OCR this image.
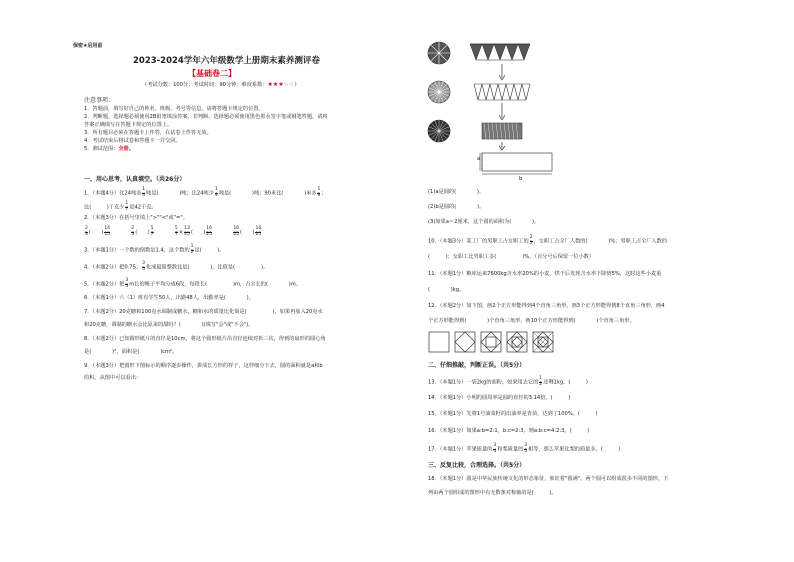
保密★启用前
2023-2024学年六年级数学上册期末素养测评卷
【基础卷二】
（考试分数：100分；考试时间：90分钟；难度系数：★★★☆☆）
注意事项：
1．答题前，填写好自己的姓名、班级、考号等信息，请将答题卡规定的位置。
2．判断题、选择题必须使用2B铅笔填涂答案，非判断、选择题必须使用黑色墨水签字笔或钢笔答题，请将
答案正确填写在答题卡规定的位置上。
3．所有题目必须在答题卡上作答，在试卷上作答无效。
4．考试结束后将试卷和答题卡一并交回。
5．测试范围：全册。
一、用心思考，认真填空。（共26分）
1．（本题4分）比24吨多 $\frac{1}{4}$ 吨是(　　　　)吨；比24吨少 $\frac{1}{4}$ 吨是(　　　　)吨；90米比(　　　　)米多 $\frac{1}{8}$ ；
比(　　　)千克少 $\frac{1}{7}$ 是42千克。
2．（本题3分）在括号里填上">""<"或"="。
$\frac{2}{3}$ (　　) $\frac{14}{15}$
	$\frac{2}{3}$ (　　) $\frac{5}{7}$
	$\frac{5}{7} \times \frac{13}{25}$ (　　) $\frac{16}{25}$
	$\frac{16}{25}$ (　　) $\frac{16}{25}$
3．（本题1分）一个数的倒数是1.4，这个数的 $\frac{1}{2}$ 是(　　　)。
4．（本题2分）把0.75： $\frac{3}{5}$ 化成最简整数比是(　　　　)，比值是(　　　　　)。
5．（本题2分）把 $\frac{3}{5}$ m长的绳子平均分成6段，每段长(　　　　　)m，占全长的(　　　　)m。
6．（本题1分）六（1）班有学生50人，出勤48人，出勤率是(　　　　)。
7．（本题2分）20克糖和100克水调制成糖水，糖和水的质量比化简是(　　　　　)，如果再加入20克水
和20克糖，调制的糖水会比原来的甜吗？(　　　　)(填写"会"或"不会")。
8．（本题2分）已知圆形纸片的直径是10cm，将这个圆形纸片沿直径连续对折三次，得到的扇形的圆心角
是(　　　　)°，面积是(　　　　)cm²。
9．（本题3分）把圆形下图标示的顺序逐步操作，拼成长方形的样子，这样细分下去，圆的面积就是a和b
的积。从图中可以看出：
a
b
(1)a是圆的(　　　　)。
(2)b是圆的(　　　　)。
(3)如果a＝2厘米，这个圆的面积为(　　　　)。
10．（本题3分）某工厂的男职工占女职工的 $\frac{2}{3}$ ，女职工占全厂人数的(　　　　)%；男职工占全厂人数的
(　　　)；女职工比男职工多(　　　　　)%。（百分号后保留一位小数）
11．（本题1分）粮库运来7600kg含水率20%的小麦，烘干后发现含水率下降到5%，这时这些小麦重
(　　　　)kg。
12．（本题2分）如下图，画2个正方形能得到4个直角三角形，画3个正方形能得到8个直角三角形，画4
个正方形能得到(　　　　)个直角三角形，画10个正方形能得到(　　　　)个直角三角形。
二、仔细推敲，判断正误。（共5分）
13．（本题1分）一袋2kg的面粉，如果用去它的 $\frac{1}{2}$ 还剩1kg。(　　　)
14．（本题1分）小明的圆周率是圆的直径的3.14倍。(　　　)
15．（本题1分）先将1号油菜籽的出油率是青苗，达到了100%。(　　　)
16．（本题1分）如果a:b=2:1，b:c=2:3，则a:b:c=4:2:3。(　　　)
17．（本题1分）苹果质量的 $\frac{3}{4}$ 和梨质量的 $\frac{3}{5}$ 相等，那么苹果比梨的质量多。(　　　)
三、反复比较，合理选择。（共5分）
18．（本题1分）圆是中华民族传统文化的形态象征，象征着"圆满"。两个圆可以组成很多不同的图形，下
列由两个圆组成的图形中有无数条对称轴的是(　　　)。
